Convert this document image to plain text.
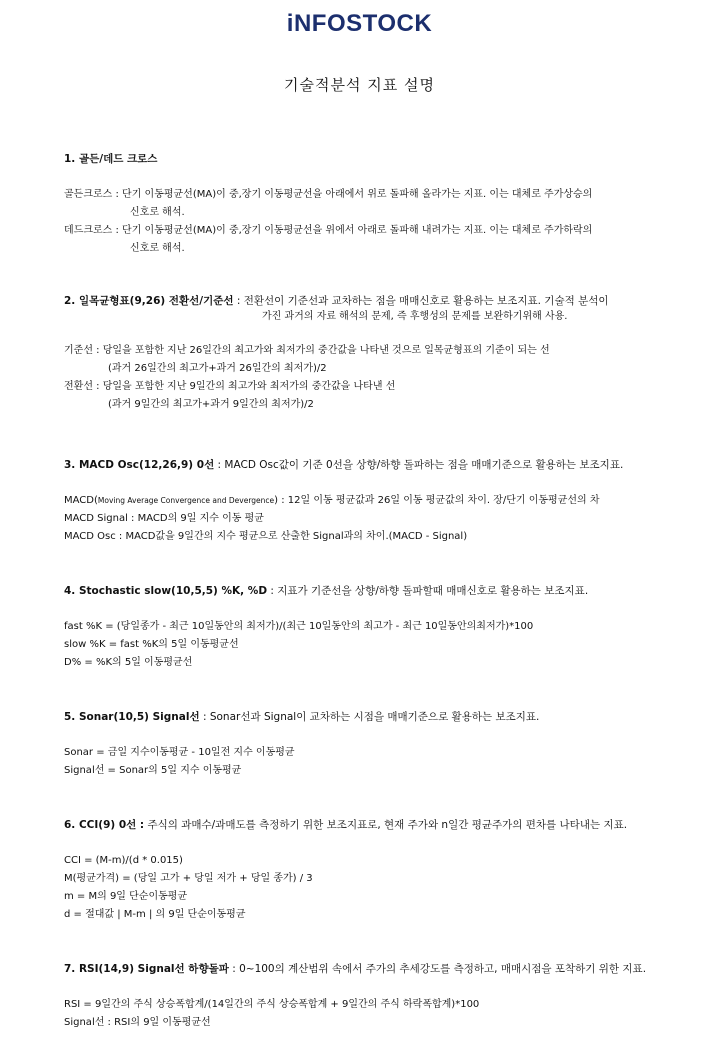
iNFOSTOCK
기술적분석 지표 설명
1. 골든/데드 크로스
골든크로스 : 단기 이동평균선(MA)이 중,장기 이동평균선을 아래에서 위로 돌파해 올라가는 지표. 이는 대체로 주가상승의
신호로 해석.
데드크로스 : 단기 이동평균선(MA)이 중,장기 이동평균선을 위에서 아래로 돌파해 내려가는 지표. 이는 대체로 주가하락의
신호로 해석.
2. 일목균형표(9,26) 전환선/기준선 : 전환선이 기준선과 교차하는 점을 매매신호로 활용하는 보조지표. 기술적 분석이
가진 과거의 자료 해석의 문제, 즉 후행성의 문제를 보완하기위해 사용.
기준선 : 당일을 포함한 지난 26일간의 최고가와 최저가의 중간값을 나타낸 것으로 일목균형표의 기준이 되는 선
(과거 26일간의 최고가+과거 26일간의 최저가)/2
전환선 : 당일을 포함한 지난 9일간의 최고가와 최저가의 중간값을 나타낸 선
(과거 9일간의 최고가+과거 9일간의 최저가)/2
3. MACD Osc(12,26,9) 0선 : MACD Osc값이 기준 0선을 상향/하향 돌파하는 점을 매매기준으로 활용하는 보조지표.
MACD(Moving Average Convergence and Devergence) : 12일 이동 평균값과 26일 이동 평균값의 차이. 장/단기 이동평균선의 차
MACD Signal : MACD의 9일 지수 이동 평균
MACD Osc : MACD값을 9일간의 지수 평균으로 산출한 Signal과의 차이.(MACD - Signal)
4. Stochastic slow(10,5,5) %K, %D : 지표가 기준선을 상향/하향 돌파할때 매매신호로 활용하는 보조지표.
fast %K = (당일종가 - 최근 10일동안의 최저가)/(최근 10일동안의 최고가 - 최근 10일동안의최저가)*100
slow %K = fast %K의 5일 이동평균선
D% = %K의 5일 이동평균선
5. Sonar(10,5) Signal선 : Sonar선과 Signal이 교차하는 시점을 매매기준으로 활용하는 보조지표.
Sonar = 금일 지수이동평균 - 10일전 지수 이동평균
Signal선 = Sonar의 5일 지수 이동평균
6. CCI(9) 0선 : 주식의 과매수/과매도를 측정하기 위한 보조지표로, 현재 주가와 n일간 평균주가의 편차를 나타내는 지표.
CCI = (M-m)/(d * 0.015)
M(평균가격) = (당일 고가 + 당일 저가 + 당일 종가) / 3
m = M의 9일 단순이동평균
d = 절대값 | M-m | 의 9일 단순이동평균
7. RSI(14,9) Signal선 하향돌파 : 0~100의 계산범위 속에서 주가의 추세강도를 측정하고, 매매시점을 포착하기 위한 지표.
RSI = 9일간의 주식 상승폭합계/(14일간의 주식 상승폭합계 + 9일간의 주식 하락폭합계)*100
Signal선 : RSI의 9일 이동평균선
